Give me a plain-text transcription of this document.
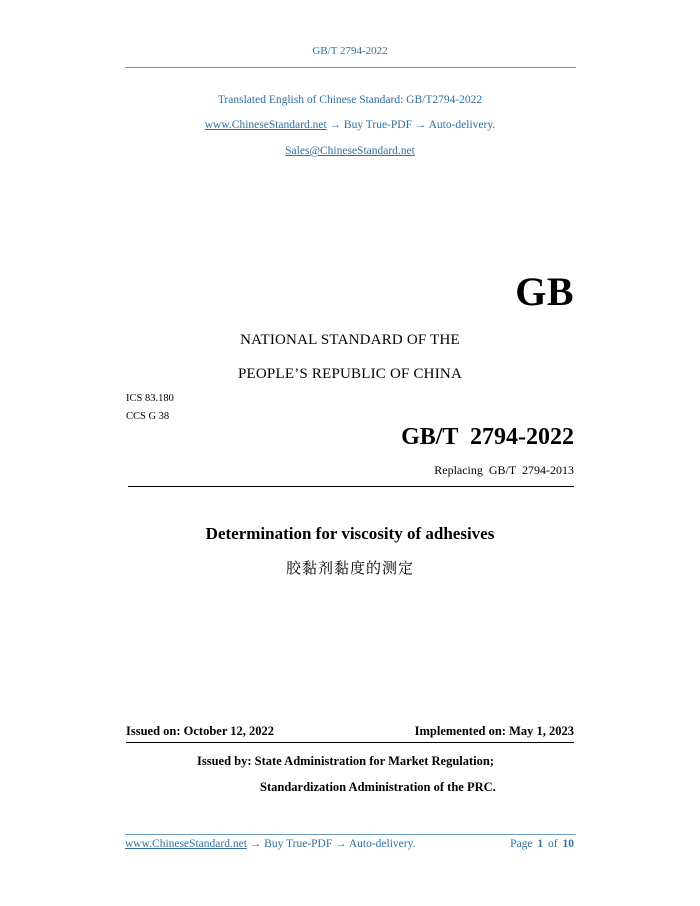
GB/T 2794-2022
Translated English of Chinese Standard: GB/T2794-2022
www.ChineseStandard.net → Buy True-PDF → Auto-delivery.
Sales@ChineseStandard.net
GB
NATIONAL STANDARD OF THE
PEOPLE’S REPUBLIC OF CHINA
ICS 83.180
CCS G 38
GB/T 2794-2022
Replacing GB/T 2794-2013
Determination for viscosity of adhesives
胶黏剂黏度的测定
Issued on: October 12, 2022	Implemented on: May 1, 2023
Issued by: State Administration for Market Regulation;
Standardization Administration of the PRC.
www.ChineseStandard.net → Buy True-PDF → Auto-delivery.	Page 1 of 10
